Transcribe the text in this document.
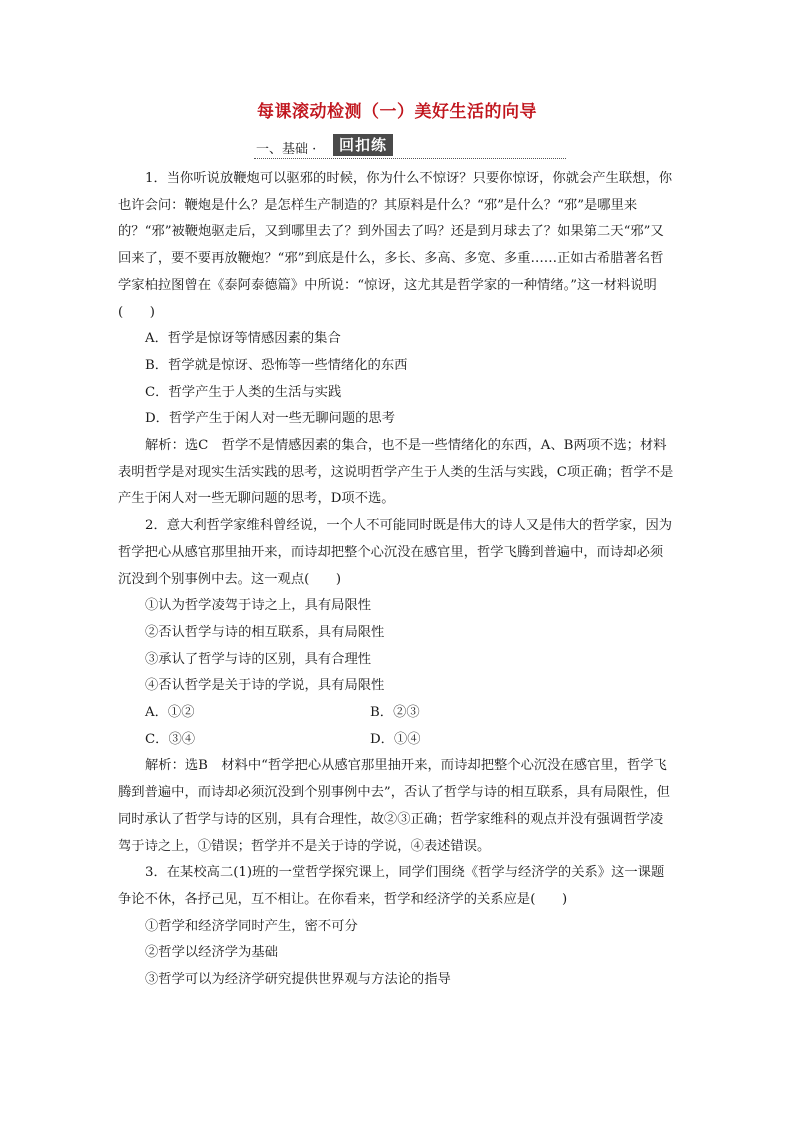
每课滚动检测（一）美好生活的向导
一、基础 ·	回扣练

1．当你听说放鞭炮可以驱邪的时候，你为什么不惊讶？只要你惊讶，你就会产生联想，你也许会问：鞭炮是什么？是怎样生产制造的？其原料是什么？“邪”是什么？“邪”是哪里来的？“邪”被鞭炮驱走后，又到哪里去了？到外国去了吗？还是到月球去了？如果第二天“邪”又回来了，要不要再放鞭炮？“邪”到底是什么，多长、多高、多宽、多重……正如古希腊著名哲学家柏拉图曾在《泰阿泰德篇》中所说：“惊讶，这尤其是哲学家的一种情绪。”这一材料说明(　　)

A．哲学是惊讶等情感因素的集合

B．哲学就是惊讶、恐怖等一些情绪化的东西

C．哲学产生于人类的生活与实践

D．哲学产生于闲人对一些无聊问题的思考

解析：选C　哲学不是情感因素的集合，也不是一些情绪化的东西，A、B两项不选；材料表明哲学是对现实生活实践的思考，这说明哲学产生于人类的生活与实践，C项正确；哲学不是产生于闲人对一些无聊问题的思考，D项不选。

2．意大利哲学家维科曾经说，一个人不可能同时既是伟大的诗人又是伟大的哲学家，因为哲学把心从感官那里抽开来，而诗却把整个心沉没在感官里，哲学飞腾到普遍中，而诗却必须沉没到个别事例中去。这一观点(　　)

①认为哲学凌驾于诗之上，具有局限性

②否认哲学与诗的相互联系，具有局限性

③承认了哲学与诗的区别，具有合理性

④否认哲学是关于诗的学说，具有局限性

A．①②	B．②③
C．③④	D．①④

解析：选B　材料中“哲学把心从感官那里抽开来，而诗却把整个心沉没在感官里，哲学飞腾到普遍中，而诗却必须沉没到个别事例中去”，否认了哲学与诗的相互联系，具有局限性，但同时承认了哲学与诗的区别，具有合理性，故②③正确；哲学家维科的观点并没有强调哲学凌驾于诗之上，①错误；哲学并不是关于诗的学说，④表述错误。

3．在某校高二(1)班的一堂哲学探究课上，同学们围绕《哲学与经济学的关系》这一课题争论不休，各抒己见，互不相让。在你看来，哲学和经济学的关系应是(　　)

①哲学和经济学同时产生，密不可分

②哲学以经济学为基础

③哲学可以为经济学研究提供世界观与方法论的指导
